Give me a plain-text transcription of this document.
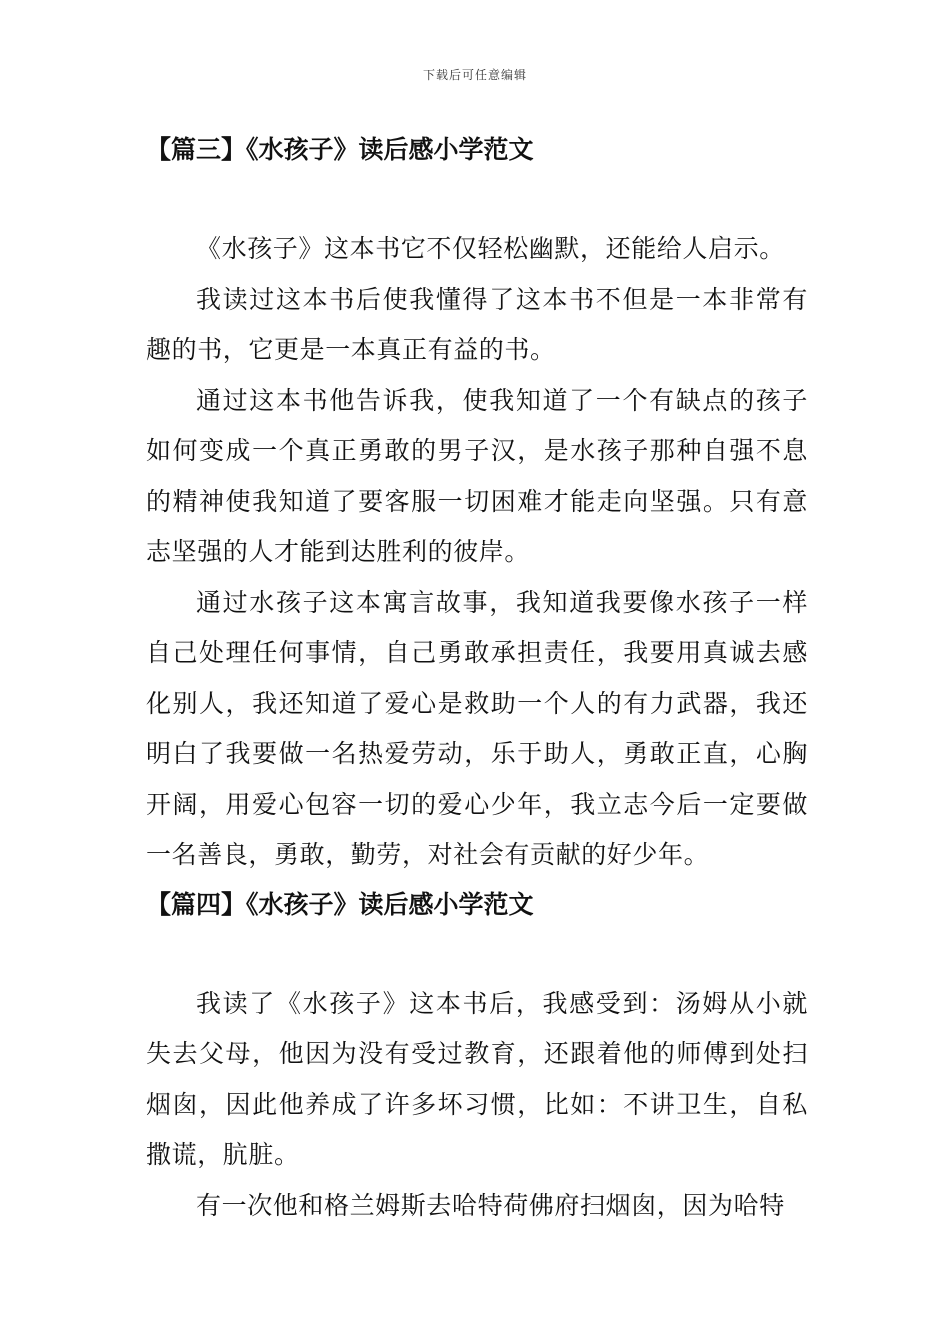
下载后可任意编辑
【篇三】《水孩子》读后感小学范文

《水孩子》这本书它不仅轻松幽默，还能给人启示。

我读过这本书后使我懂得了这本书不但是一本非常有趣的书，它更是一本真正有益的书。

通过这本书他告诉我，使我知道了一个有缺点的孩子如何变成一个真正勇敢的男子汉，是水孩子那种自强不息的精神使我知道了要客服一切困难才能走向坚强。只有意志坚强的人才能到达胜利的彼岸。

通过水孩子这本寓言故事，我知道我要像水孩子一样自己处理任何事情，自己勇敢承担责任，我要用真诚去感化别人，我还知道了爱心是救助一个人的有力武器，我还明白了我要做一名热爱劳动，乐于助人，勇敢正直，心胸开阔，用爱心包容一切的爱心少年，我立志今后一定要做一名善良，勇敢，勤劳，对社会有贡献的好少年。

【篇四】《水孩子》读后感小学范文

我读了《水孩子》这本书后，我感受到：汤姆从小就失去父母，他因为没有受过教育，还跟着他的师傅到处扫烟囱，因此他养成了许多坏习惯，比如：不讲卫生，自私撒谎，肮脏。

有一次他和格兰姆斯去哈特荷佛府扫烟囱，因为哈特
